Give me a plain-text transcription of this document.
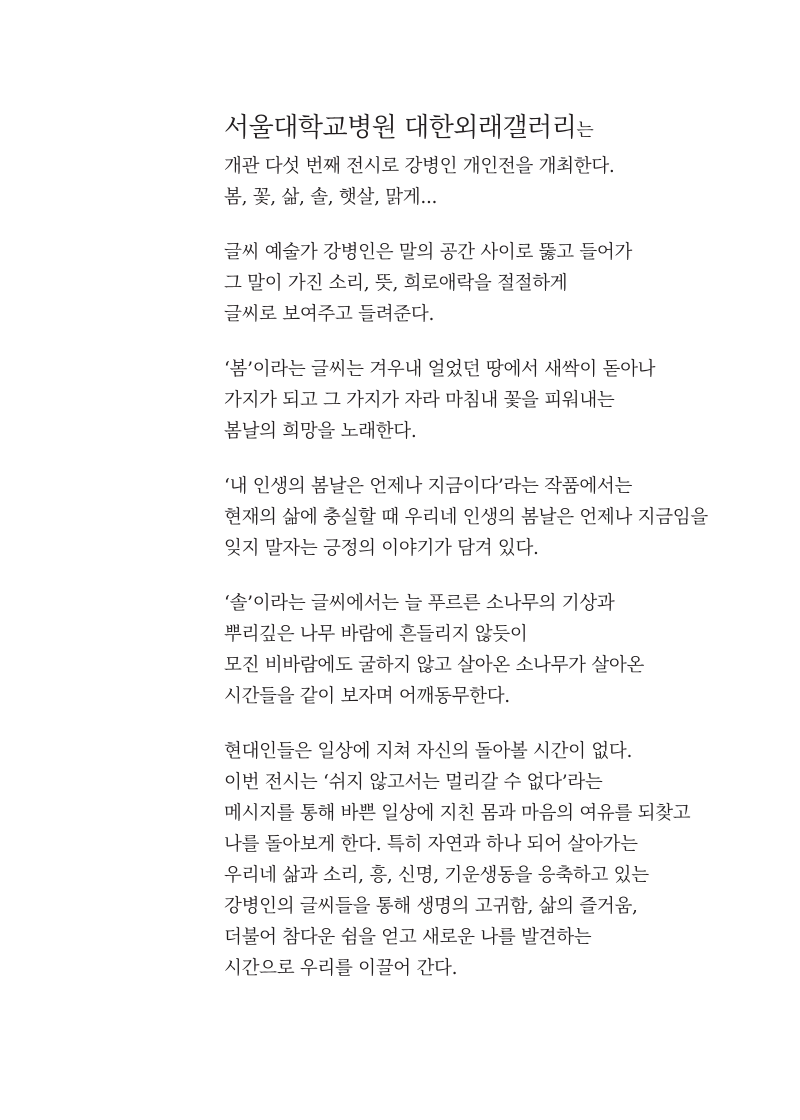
서울대학교병원 대한외래갤러리는
개관 다섯 번째 전시로 강병인 개인전을 개최한다.
봄, 꽃, 삶, 솔, 햇살, 맑게...
글씨 예술가 강병인은 말의 공간 사이로 뚫고 들어가
그 말이 가진 소리, 뜻, 희로애락을 절절하게
글씨로 보여주고 들려준다.
‘봄’이라는 글씨는 겨우내 얼었던 땅에서 새싹이 돋아나
가지가 되고 그 가지가 자라 마침내 꽃을 피워내는
봄날의 희망을 노래한다.
‘내 인생의 봄날은 언제나 지금이다’라는 작품에서는
현재의 삶에 충실할 때 우리네 인생의 봄날은 언제나 지금임을
잊지 말자는 긍정의 이야기가 담겨 있다.
‘솔’이라는 글씨에서는 늘 푸르른 소나무의 기상과
뿌리깊은 나무 바람에 흔들리지 않듯이
모진 비바람에도 굴하지 않고 살아온 소나무가 살아온
시간들을 같이 보자며 어깨동무한다.
현대인들은 일상에 지쳐 자신의 돌아볼 시간이 없다.
이번 전시는 ‘쉬지 않고서는 멀리갈 수 없다’라는
메시지를 통해 바쁜 일상에 지친 몸과 마음의 여유를 되찾고
나를 돌아보게 한다. 특히 자연과 하나 되어 살아가는
우리네 삶과 소리, 흥, 신명, 기운생동을 응축하고 있는
강병인의 글씨들을 통해 생명의 고귀함, 삶의 즐거움,
더불어 참다운 쉼을 얻고 새로운 나를 발견하는
시간으로 우리를 이끌어 간다.
